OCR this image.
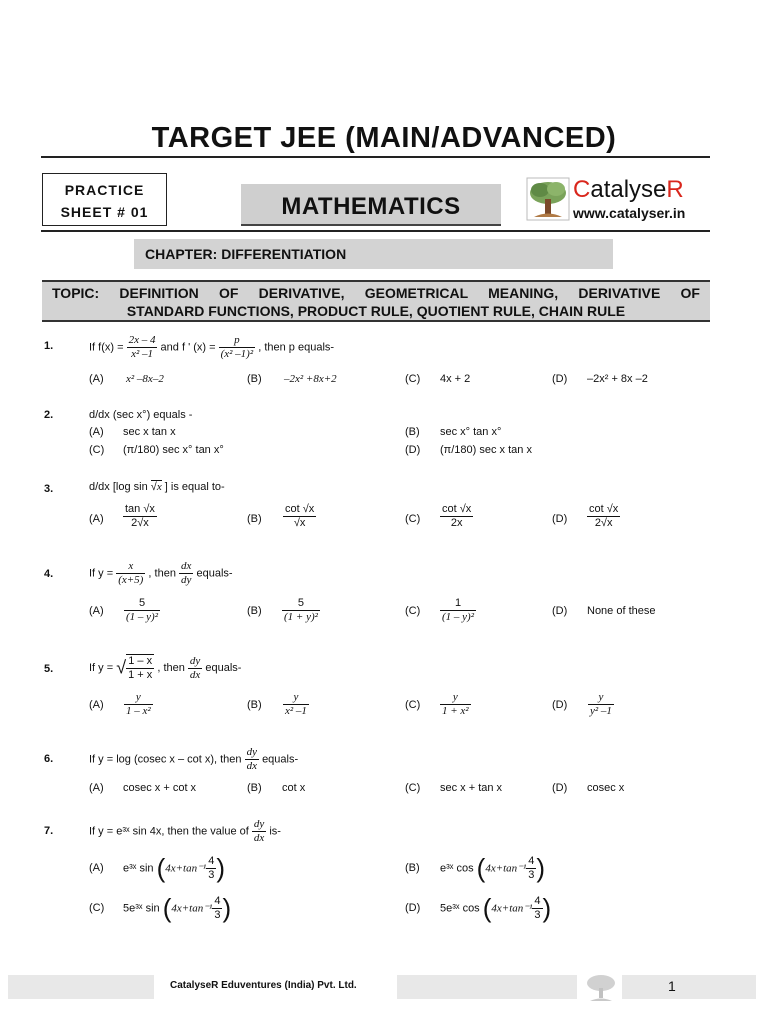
TARGET JEE (MAIN/ADVANCED)
PRACTICE
SHEET # 01	MATHEMATICS
CatalyseR
www.catalyser.in
CHAPTER: DIFFERENTIATION
TOPIC: DEFINITION OF DERIVATIVE, GEOMETRICAL MEANING, DERIVATIVE OF
STANDARD FUNCTIONS, PRODUCT RULE, QUOTIENT RULE, CHAIN RULE
1.	If $f(x) = \frac{2x - 4}{\text{x² –1}}$ and f ' $(x) = \frac{p}{\text{(x² –1)²}}$ , then p equals-
(A) x² –8x–2	(B) –2x² +8x+2	(C) 4x + 2	(D) –2x² + 8x –2
2.	d/dx (sec x°) equals -
(A) sec x tan x	(B) sec x° tan x°
(C) (π/180) sec x° tan x°	(D) (π/180) sec x tan x
3.	d/dx [log sin √x ] is equal to-
$(A) \frac{\tan √x}{2√x}$	$(B) \frac{\cot √x}{√x}$	$(C) \frac{\cot √x}{2x}$	$(D) \frac{\cot √x}{2√x}$
4.	If $y = \frac{x}{(x+5)}$ , then $\frac{dx}{dy}$ equals-
$(A) \frac{5}{\text{(1 – y)²}}$	$(B) \frac{5}{\text{(1 + y)²}}$	$(C) \frac{1}{\text{(1 – y)²}}$	(D) None of these
5.	If y = √ $\frac{1 - x}{1 + x}$ , then $\frac{dy}{dx}$ equals-
$(A) \frac{y}{\text{1 – x²}}$	$(B) \frac{y}{\text{x² –1}}$	$(C) \frac{y}{\text{1 + x²}}$	$(D) \frac{y}{\text{y² –1}}$
6.	If y = log (cosec x – cot x), then $\frac{dy}{dx}$ equals-
(A) cosec x + cot x	(B) cot x	(C) sec x + tan x	(D) cosec x
7.	If y = e³ˣ sin 4x, then the value of $\frac{dy}{dx} is-$
(A) e³ˣ $\sin (4x+\tan^{-1} \frac{4}{3}$ )	(B) e³ˣ $\cos (4x+\tan^{-1} \frac{4}{3}$ )
(C) 5e³ˣ $\sin (4x+\tan^{-1} \frac{4}{3}$ )	(D) 5e³ˣ $\cos (4x+\tan^{-1} \frac{4}{3}$ )
CatalyseR Eduventures (India) Pvt. Ltd.	1
